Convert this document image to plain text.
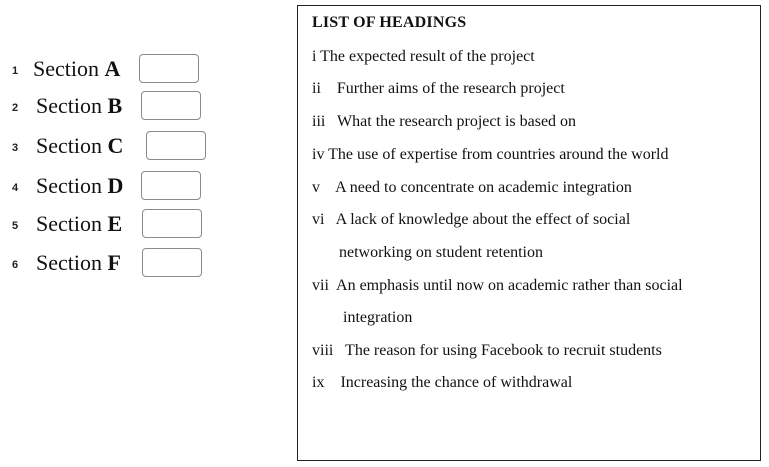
1 Section A
2 Section B
3 Section C
4 Section D
5 Section E
6 Section F
LIST OF HEADINGS
i The expected result of the project
ii    Further aims of the research project
iii   What the research project is based on
iv The use of expertise from countries around the world
v    A need to concentrate on academic integration
vi   A lack of knowledge about the effect of social
networking on student retention
vii  An emphasis until now on academic rather than social
integration
viii   The reason for using Facebook to recruit students
ix    Increasing the chance of withdrawal
